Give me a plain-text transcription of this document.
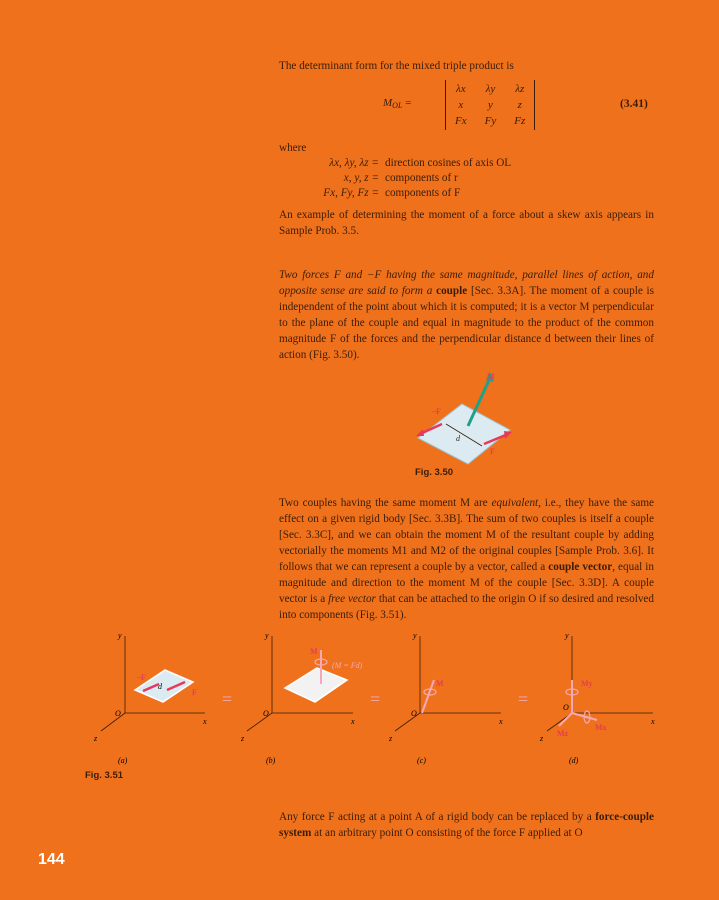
The determinant form for the mixed triple product is
$M_{OL}$ =
λx	λy	λz
x	y	z
Fx	Fy	Fz
(3.41)
where
λx, λy, λz = direction cosines of axis OL
x, y, z = components of r
Fx, Fy, Fz = components of F
An example of determining the moment of a force about a skew axis appears in Sample Prob. 3.5.
Two forces F and −F having the same magnitude, parallel lines of action, and opposite sense are said to form a couple [Sec. 3.3A]. The moment of a couple is independent of the point about which it is computed; it is a vector M perpendicular to the plane of the couple and equal in magnitude to the product of the common magnitude F of the forces and the perpendicular distance d between their lines of action (Fig. 3.50).
M
–F
F
d
Fig. 3.50
Two couples having the same moment M are equivalent, i.e., they have the same effect on a given rigid body [Sec. 3.3B]. The sum of two couples is itself a couple [Sec. 3.3C], and we can obtain the moment M of the resultant couple by adding vectorially the moments M1 and M2 of the original couples [Sample Prob. 3.6]. It follows that we can represent a couple by a vector, called a couple vector, equal in magnitude and direction to the moment M of the couple [Sec. 3.3D]. A couple vector is a free vector that can be attached to the origin O if so desired and resolved into components (Fig. 3.51).
y
x
z
O
–F
F
d
=
y
x
z
O
M
(M = Fd)
=
y
x
z
O
M
=
y
x
z
O
My
Mx
Mz
(a)	(b)	(c)	(d)
Fig. 3.51
Any force F acting at a point A of a rigid body can be replaced by a force-couple system at an arbitrary point O consisting of the force F applied at O
144
